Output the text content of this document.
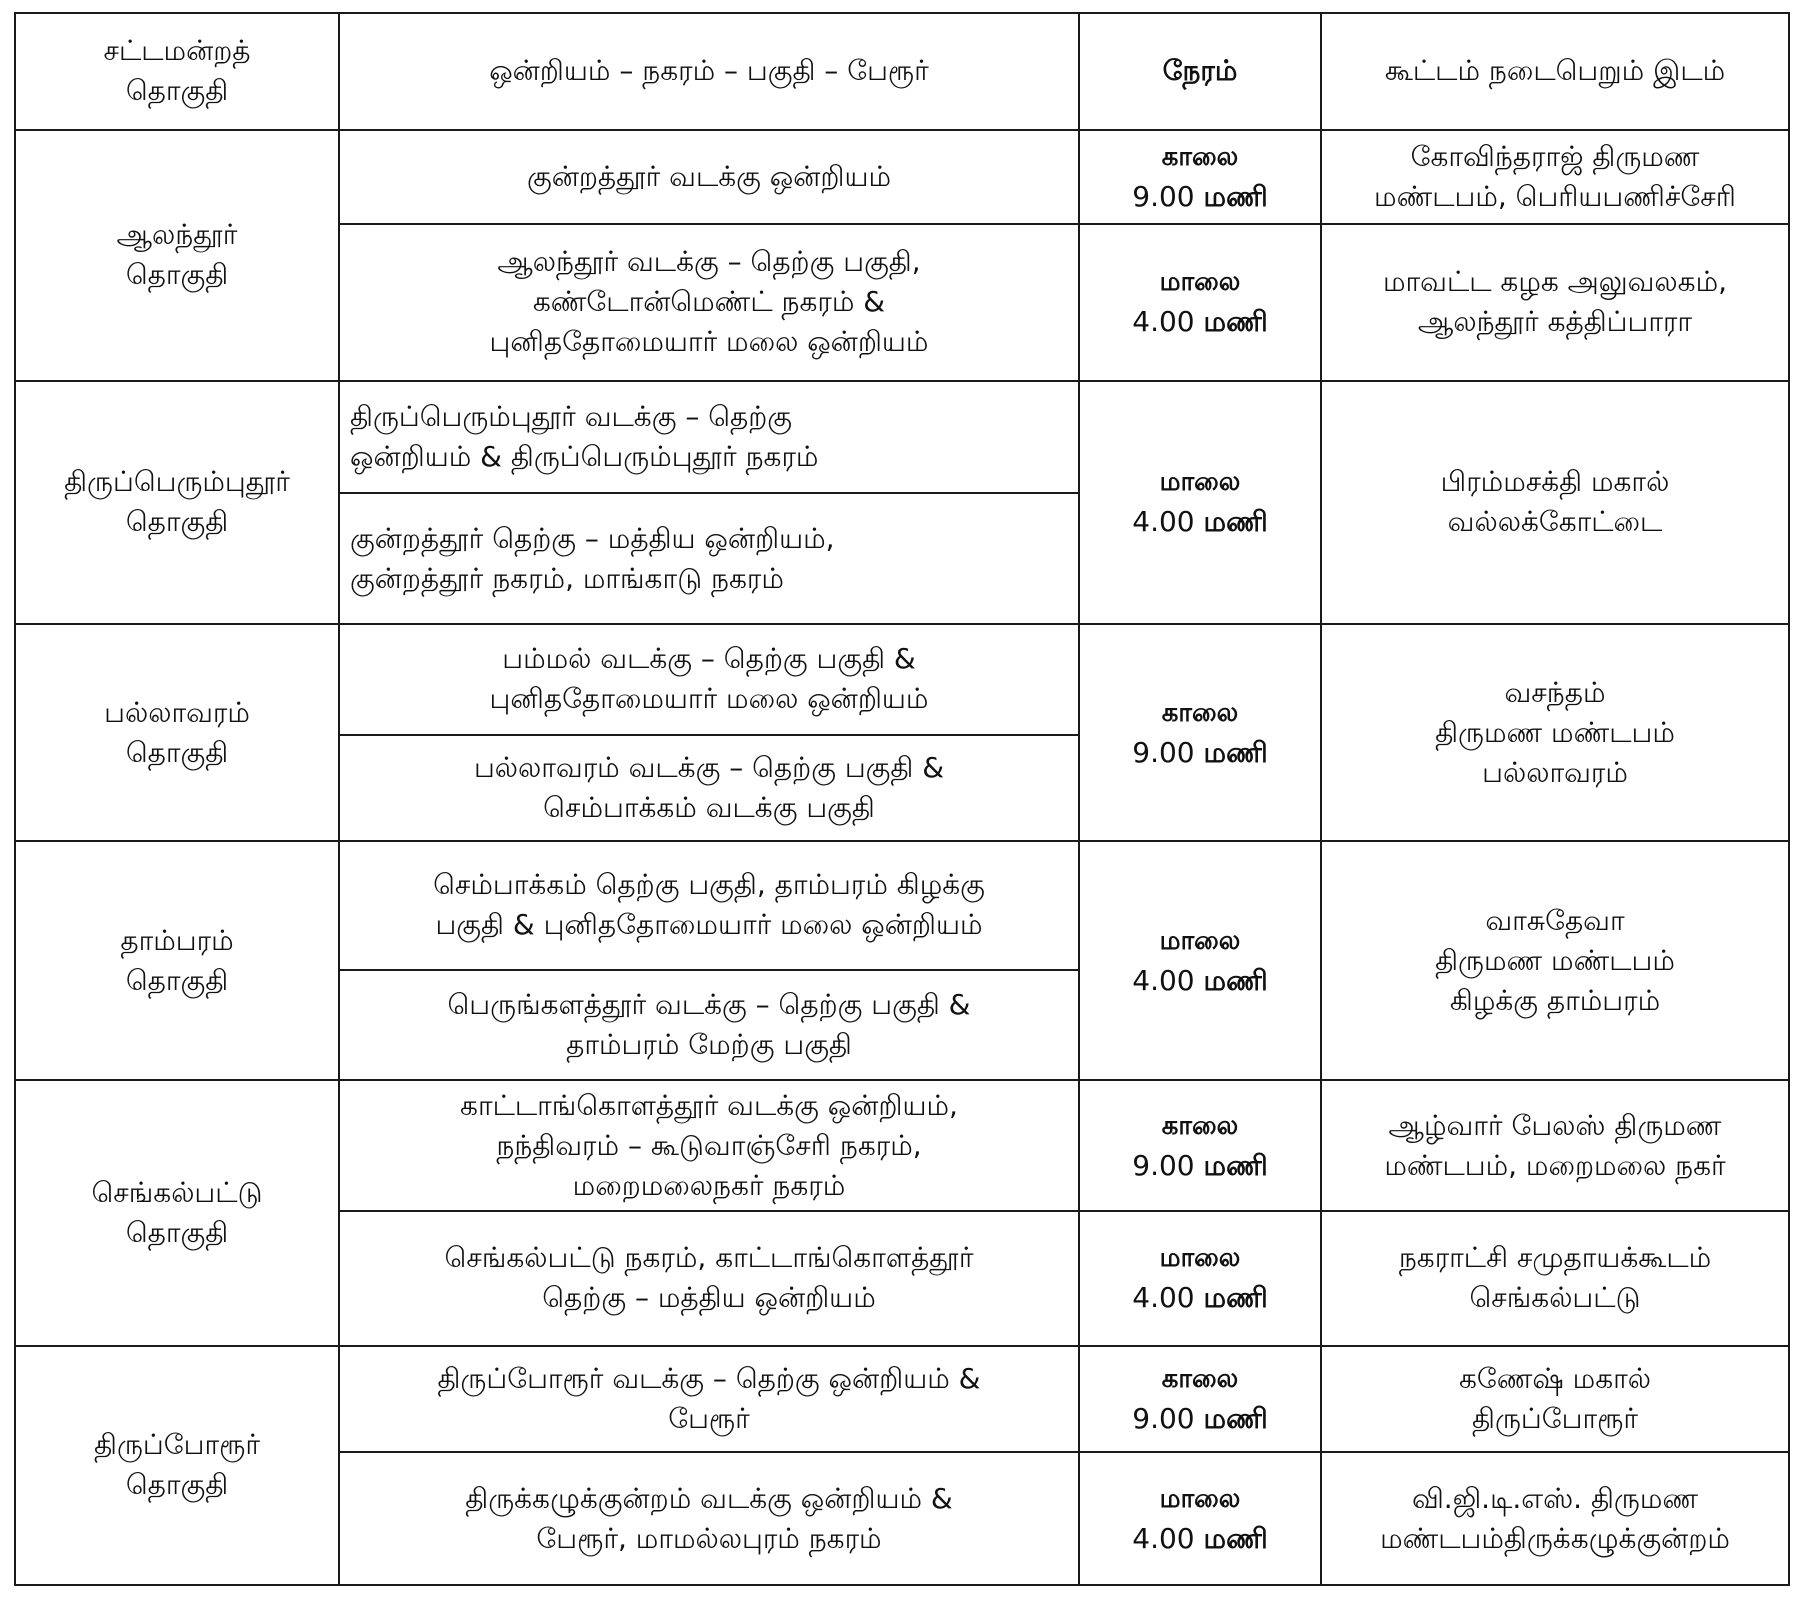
சட்டமன்றத்
தொகுதி	ஒன்றியம் – நகரம் – பகுதி – பேரூர்	நேரம்	கூட்டம் நடைபெறும் இடம்

ஆலந்தூர்
தொகுதி	குன்றத்தூர் வடக்கு ஒன்றியம்	காலை
9.00 மணி	கோவிந்தராஜ் திருமண
மண்டபம், பெரியபணிச்சேரி

	ஆலந்தூர் வடக்கு – தெற்கு பகுதி,
கண்டோன்மெண்ட் நகரம் &
புனிததோமையார் மலை ஒன்றியம்	மாலை
4.00 மணி	மாவட்ட கழக அலுவலகம்,
ஆலந்தூர் கத்திப்பாரா

திருப்பெரும்புதூர்
தொகுதி	திருப்பெரும்புதூர் வடக்கு – தெற்கு
ஒன்றியம் & திருப்பெரும்புதூர் நகரம்	மாலை
4.00 மணி	பிரம்மசக்தி மகால்
வல்லக்கோட்டை

	குன்றத்தூர் தெற்கு – மத்திய ஒன்றியம்,
குன்றத்தூர் நகரம், மாங்காடு நகரம்		

பல்லாவரம்
தொகுதி	பம்மல் வடக்கு – தெற்கு பகுதி &
புனிததோமையார் மலை ஒன்றியம்	காலை
9.00 மணி	வசந்தம்
திருமண மண்டபம்
பல்லாவரம்

	பல்லாவரம் வடக்கு – தெற்கு பகுதி &
செம்பாக்கம் வடக்கு பகுதி		

தாம்பரம்
தொகுதி	செம்பாக்கம் தெற்கு பகுதி, தாம்பரம் கிழக்கு
பகுதி & புனிததோமையார் மலை ஒன்றியம்	மாலை
4.00 மணி	வாசுதேவா
திருமண மண்டபம்
கிழக்கு தாம்பரம்

	பெருங்களத்தூர் வடக்கு – தெற்கு பகுதி &
தாம்பரம் மேற்கு பகுதி		

செங்கல்பட்டு
தொகுதி	காட்டாங்கொளத்தூர் வடக்கு ஒன்றியம்,
நந்திவரம் – கூடுவாஞ்சேரி நகரம்,
மறைமலைநகர் நகரம்	காலை
9.00 மணி	ஆழ்வார் பேலஸ் திருமண
மண்டபம், மறைமலை நகர்

	செங்கல்பட்டு நகரம், காட்டாங்கொளத்தூர்
தெற்கு – மத்திய ஒன்றியம்	மாலை
4.00 மணி	நகராட்சி சமுதாயக்கூடம்
செங்கல்பட்டு

திருப்போரூர்
தொகுதி	திருப்போரூர் வடக்கு – தெற்கு ஒன்றியம் &
பேரூர்	காலை
9.00 மணி	கணேஷ் மகால்
திருப்போரூர்

	திருக்கழுக்குன்றம் வடக்கு ஒன்றியம் &
பேரூர், மாமல்லபுரம் நகரம்	மாலை
4.00 மணி	வி.ஜி.டி.எஸ். திருமண
மண்டபம்திருக்கழுக்குன்றம்
